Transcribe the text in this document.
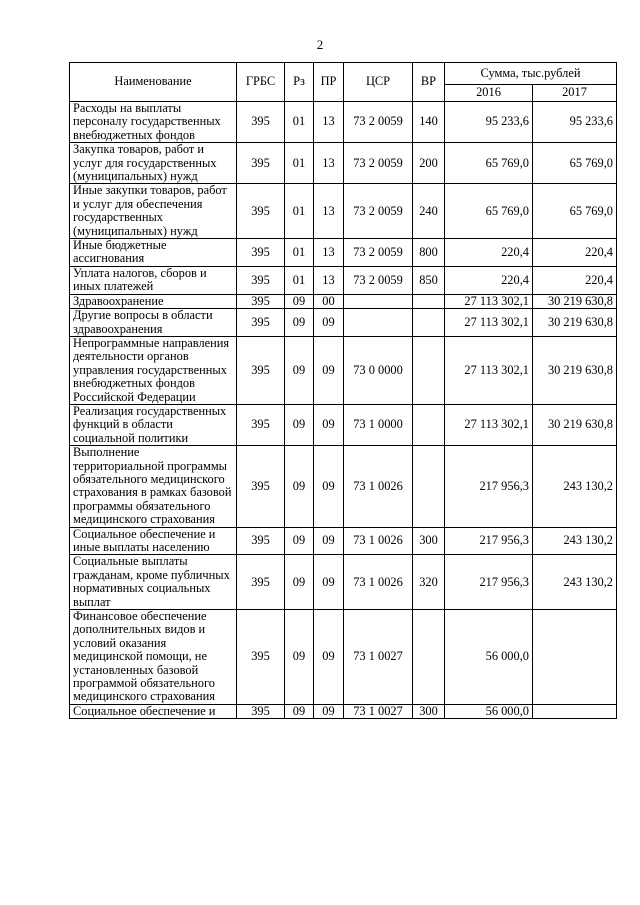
2
Наименование	ГРБС	Рз	ПР	ЦСР	ВР	Сумма, тыс.рублей	
						2016	2017
Расходы на выплаты персоналу государственных внебюджетных фондов	395	01	13	73 2 0059	140	95 233,6	95 233,6
Закупка товаров, работ и услуг для государственных (муниципальных) нужд	395	01	13	73 2 0059	200	65 769,0	65 769,0
Иные закупки товаров, работ и услуг для обеспечения государственных (муниципальных) нужд	395	01	13	73 2 0059	240	65 769,0	65 769,0
Иные бюджетные ассигнования	395	01	13	73 2 0059	800	220,4	220,4
Уплата налогов, сборов и иных платежей	395	01	13	73 2 0059	850	220,4	220,4
Здравоохранение	395	09	00			27 113 302,1	30 219 630,8
Другие вопросы в области здравоохранения	395	09	09			27 113 302,1	30 219 630,8
Непрограммные направления деятельности органов управления государственных внебюджетных фондов Российской Федерации	395	09	09	73 0 0000		27 113 302,1	30 219 630,8
Реализация государственных функций в области социальной политики	395	09	09	73 1 0000		27 113 302,1	30 219 630,8
Выполнение территориальной программы обязательного медицинского страхования в рамках базовой программы обязательного медицинского страхования	395	09	09	73 1 0026		217 956,3	243 130,2
Социальное обеспечение и иные выплаты населению	395	09	09	73 1 0026	300	217 956,3	243 130,2
Социальные выплаты гражданам, кроме публичных нормативных социальных выплат	395	09	09	73 1 0026	320	217 956,3	243 130,2
Финансовое обеспечение дополнительных видов и условий оказания медицинской помощи, не установленных базовой программой обязательного медицинского страхования	395	09	09	73 1 0027		56 000,0	
Социальное обеспечение и	395	09	09	73 1 0027	300	56 000,0	
